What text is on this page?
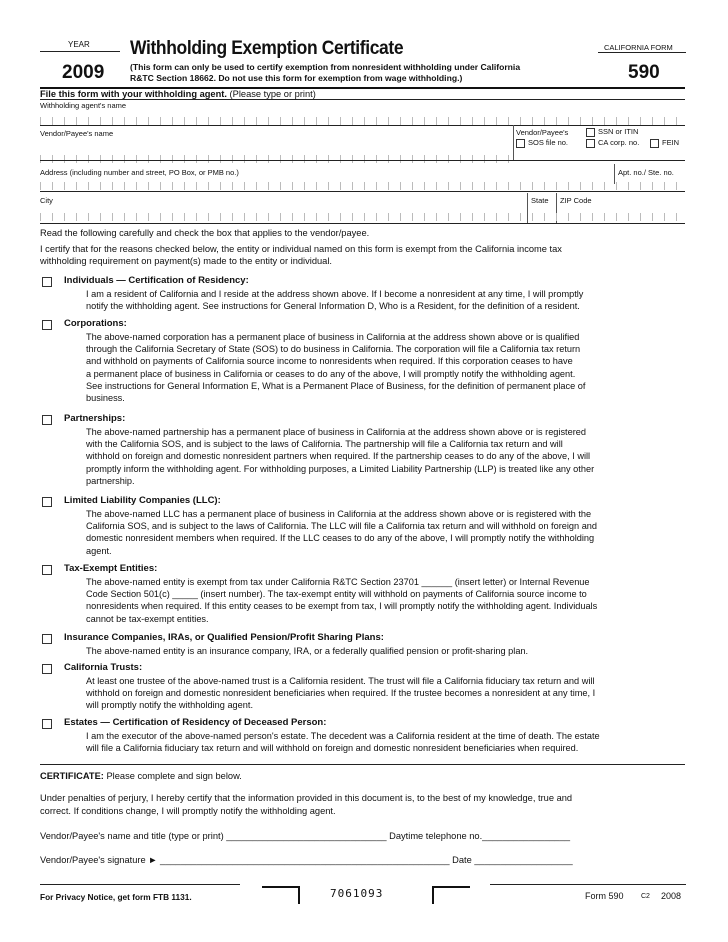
YEAR
2009
Withholding Exemption Certificate
(This form can only be used to certify exemption from nonresident withholding under California
R&TC Section 18662. Do not use this form for exemption from wage withholding.)
CALIFORNIA FORM
590
File this form with your withholding agent. (Please type or print)
Withholding agent's name
Vendor/Payee's name	Vendor/Payee's	SSN or ITIN
SOS file no.	CA corp. no.	FEIN
Address (including number and street, PO Box, or PMB no.)	Apt. no./ Ste. no.
City	State ZIP Code
Read the following carefully and check the box that applies to the vendor/payee.
I certify that for the reasons checked below, the entity or individual named on this form is exempt from the California income tax
withholding requirement on payment(s) made to the entity or individual.
Individuals — Certification of Residency:
I am a resident of California and I reside at the address shown above. If I become a nonresident at any time, I will promptly
notify the withholding agent. See instructions for General Information D, Who is a Resident, for the definition of a resident.
Corporations:
The above-named corporation has a permanent place of business in California at the address shown above or is qualified
through the California Secretary of State (SOS) to do business in California. The corporation will file a California tax return
and withhold on payments of California source income to nonresidents when required. If this corporation ceases to have
a permanent place of business in California or ceases to do any of the above, I will promptly notify the withholding agent.
See instructions for General Information E, What is a Permanent Place of Business, for the definition of permanent place of
business.
Partnerships:
The above-named partnership has a permanent place of business in California at the address shown above or is registered
with the California SOS, and is subject to the laws of California. The partnership will file a California tax return and will
withhold on foreign and domestic nonresident partners when required. If the partnership ceases to do any of the above, I will
promptly inform the withholding agent. For withholding purposes, a Limited Liability Partnership (LLP) is treated like any other
partnership.
Limited Liability Companies (LLC):
The above-named LLC has a permanent place of business in California at the address shown above or is registered with the
California SOS, and is subject to the laws of California. The LLC will file a California tax return and will withhold on foreign and
domestic nonresident members when required. If the LLC ceases to do any of the above, I will promptly notify the withholding
agent.
Tax-Exempt Entities:
The above-named entity is exempt from tax under California R&TC Section 23701 ______ (insert letter) or Internal Revenue
Code Section 501(c) _____ (insert number). The tax-exempt entity will withhold on payments of California source income to
nonresidents when required. If this entity ceases to be exempt from tax, I will promptly notify the withholding agent. Individuals
cannot be tax-exempt entities.
Insurance Companies, IRAs, or Qualified Pension/Profit Sharing Plans:
The above-named entity is an insurance company, IRA, or a federally qualified pension or profit-sharing plan.
California Trusts:
At least one trustee of the above-named trust is a California resident. The trust will file a California fiduciary tax return and will
withhold on foreign and domestic nonresident beneficiaries when required. If the trustee becomes a nonresident at any time, I
will promptly notify the withholding agent.
Estates — Certification of Residency of Deceased Person:
I am the executor of the above-named person's estate. The decedent was a California resident at the time of death. The estate
will file a California fiduciary tax return and will withhold on foreign and domestic nonresident beneficiaries when required.
CERTIFICATE: Please complete and sign below.
Under penalties of perjury, I hereby certify that the information provided in this document is, to the best of my knowledge, true and
correct. If conditions change, I will promptly notify the withholding agent.
Vendor/Payee's name and title (type or print) _______________________________ Daytime telephone no._________________
Vendor/Payee's signature ► ________________________________________________________ Date ___________________
For Privacy Notice, get form FTB 1131.	7061093	Form 590 C2 2008
